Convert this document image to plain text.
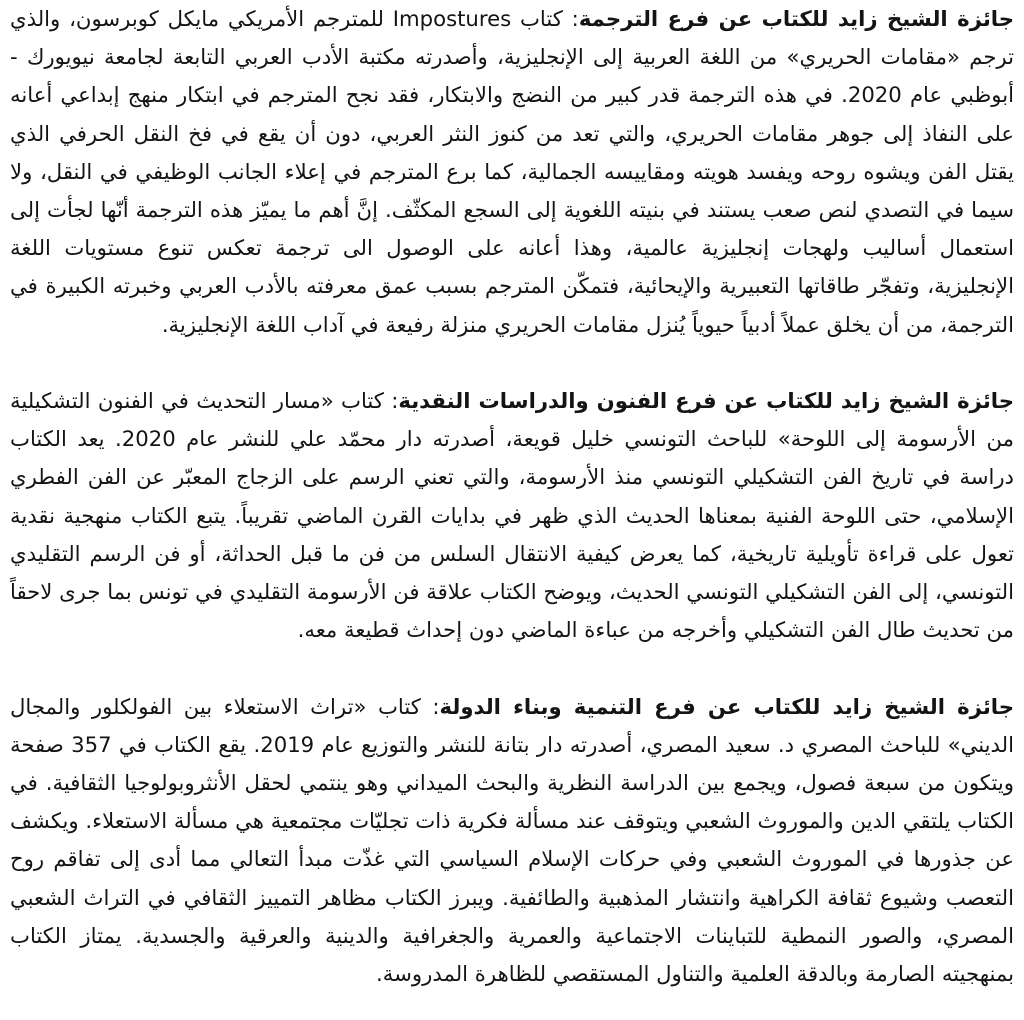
جائزة الشيخ زايد للكتاب عن فرع الترجمة: كتاب Impostures للمترجم الأمريكي مايكل كوبرسون، والذي ترجم «مقامات الحريري» من اللغة العربية إلى الإنجليزية، وأصدرته مكتبة الأدب العربي التابعة لجامعة نيويورك - أبوظبي عام 2020. في هذه الترجمة قدر كبير من النضج والابتكار، فقد نجح المترجم في ابتكار منهج إبداعي أعانه على النفاذ إلى جوهر مقامات الحريري، والتي تعد من كنوز النثر العربي، دون أن يقع في فخ النقل الحرفي الذي يقتل الفن ويشوه روحه ويفسد هويته ومقاييسه الجمالية، كما برع المترجم في إعلاء الجانب الوظيفي في النقل، ولا سيما في التصدي لنص صعب يستند في بنيته اللغوية إلى السجع المكثّف. إنَّ أهم ما يميّز هذه الترجمة أنّها لجأت إلى استعمال أساليب ولهجات إنجليزية عالمية، وهذا أعانه على الوصول الى ترجمة تعكس تنوع مستويات اللغة الإنجليزية، وتفجّر طاقاتها التعبيرية والإيحائية، فتمكّن المترجم بسبب عمق معرفته بالأدب العربي وخبرته الكبيرة في الترجمة، من أن يخلق عملاً أدبياً حيوياً يُنزل مقامات الحريري منزلة رفيعة في آداب اللغة الإنجليزية.

جائزة الشيخ زايد للكتاب عن فرع الفنون والدراسات النقدية: كتاب «مسار التحديث في الفنون التشكيلية من الأرسومة إلى اللوحة» للباحث التونسي خليل قويعة، أصدرته دار محمّد علي للنشر عام 2020. يعد الكتاب دراسة في تاريخ الفن التشكيلي التونسي منذ الأرسومة، والتي تعني الرسم على الزجاج المعبّر عن الفن الفطري الإسلامي، حتى اللوحة الفنية بمعناها الحديث الذي ظهر في بدايات القرن الماضي تقريباً. يتبع الكتاب منهجية نقدية تعول على قراءة تأويلية تاريخية، كما يعرض كيفية الانتقال السلس من فن ما قبل الحداثة، أو فن الرسم التقليدي التونسي، إلى الفن التشكيلي التونسي الحديث، ويوضح الكتاب علاقة فن الأرسومة التقليدي في تونس بما جرى لاحقاً من تحديث طال الفن التشكيلي وأخرجه من عباءة الماضي دون إحداث قطيعة معه.

جائزة الشيخ زايد للكتاب عن فرع التنمية وبناء الدولة: كتاب «تراث الاستعلاء بين الفولكلور والمجال الديني» للباحث المصري د. سعيد المصري، أصدرته دار بتانة للنشر والتوزيع عام 2019. يقع الكتاب في 357 صفحة ويتكون من سبعة فصول، ويجمع بين الدراسة النظرية والبحث الميداني وهو ينتمي لحقل الأنثروبولوجيا الثقافية. في الكتاب يلتقي الدين والموروث الشعبي ويتوقف عند مسألة فكرية ذات تجليّات مجتمعية هي مسألة الاستعلاء. ويكشف عن جذورها في الموروث الشعبي وفي حركات الإسلام السياسي التي غذّت مبدأ التعالي مما أدى إلى تفاقم روح التعصب وشيوع ثقافة الكراهية وانتشار المذهبية والطائفية. ويبرز الكتاب مظاهر التمييز الثقافي في التراث الشعبي المصري، والصور النمطية للتباينات الاجتماعية والعمرية والجغرافية والدينية والعرقية والجسدية. يمتاز الكتاب بمنهجيته الصارمة وبالدقة العلمية والتناول المستقصي للظاهرة المدروسة.
